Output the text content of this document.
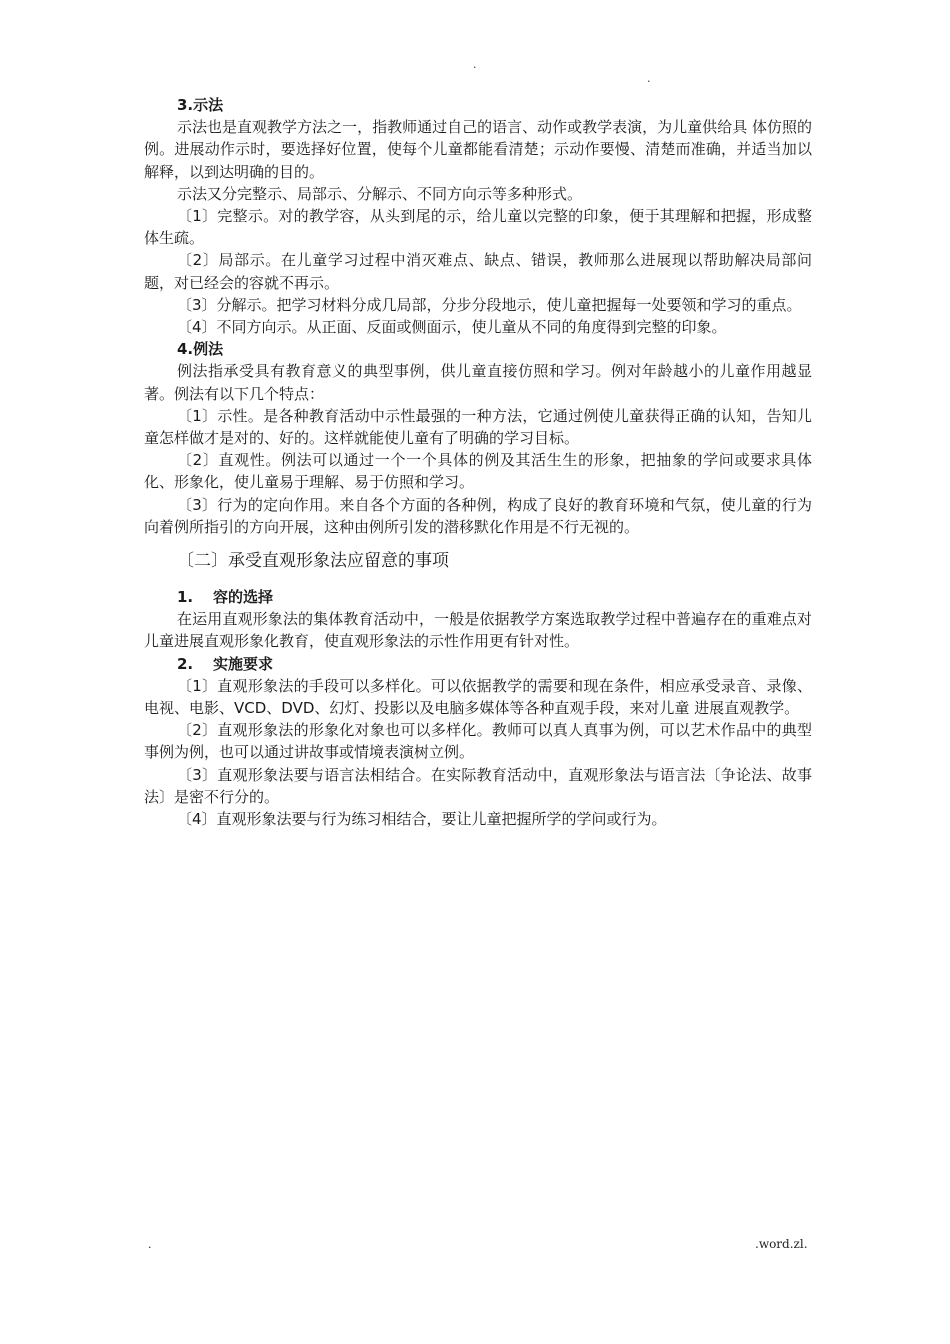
.
.

3.示法

示法也是直观教学方法之一，指教师通过自己的语言、动作或教学表演，为儿童供给具 体仿照的例。进展动作示时，要选择好位置，使每个儿童都能看清楚；示动作要慢、清楚而准确，并适当加以解释，以到达明确的目的。

示法又分完整示、局部示、分解示、不同方向示等多种形式。

〔1〕完整示。对的教学容，从头到尾的示，给儿童以完整的印象，便于其理解和把握，形成整体生疏。

〔2〕局部示。在儿童学习过程中消灭难点、缺点、错误，教师那么进展现以帮助解决局部问题，对已经会的容就不再示。

〔3〕分解示。把学习材料分成几局部，分步分段地示，使儿童把握每一处要领和学习的重点。

〔4〕不同方向示。从正面、反面或侧面示，使儿童从不同的角度得到完整的印象。

4.例法

例法指承受具有教育意义的典型事例，供儿童直接仿照和学习。例对年龄越小的儿童作用越显著。例法有以下几个特点：

〔1〕示性。是各种教育活动中示性最强的一种方法，它通过例使儿童获得正确的认知，告知儿童怎样做才是对的、好的。这样就能使儿童有了明确的学习目标。

〔2〕直观性。例法可以通过一个一个具体的例及其活生生的形象，把抽象的学问或要求具体化、形象化，使儿童易于理解、易于仿照和学习。

〔3〕行为的定向作用。来自各个方面的各种例，构成了良好的教育环境和气氛，使儿童的行为向着例所指引的方向开展，这种由例所引发的潜移默化作用是不行无视的。

〔二〕承受直观形象法应留意的事项

1. 容的选择

在运用直观形象法的集体教育活动中，一般是依据教学方案选取教学过程中普遍存在的重难点对儿童进展直观形象化教育，使直观形象法的示性作用更有针对性。

2. 实施要求

〔1〕直观形象法的手段可以多样化。可以依据教学的需要和现在条件，相应承受录音、录像、电视、电影、VCD、DVD、幻灯、投影以及电脑多媒体等各种直观手段，来对儿童 进展直观教学。

〔2〕直观形象法的形象化对象也可以多样化。教师可以真人真事为例，可以艺术作品中的典型事例为例，也可以通过讲故事或情境表演树立例。

〔3〕直观形象法要与语言法相结合。在实际教育活动中，直观形象法与语言法〔争论法、故事法〕是密不行分的。

〔4〕直观形象法要与行为练习相结合，要让儿童把握所学的学问或行为。

.	.word.zl.
